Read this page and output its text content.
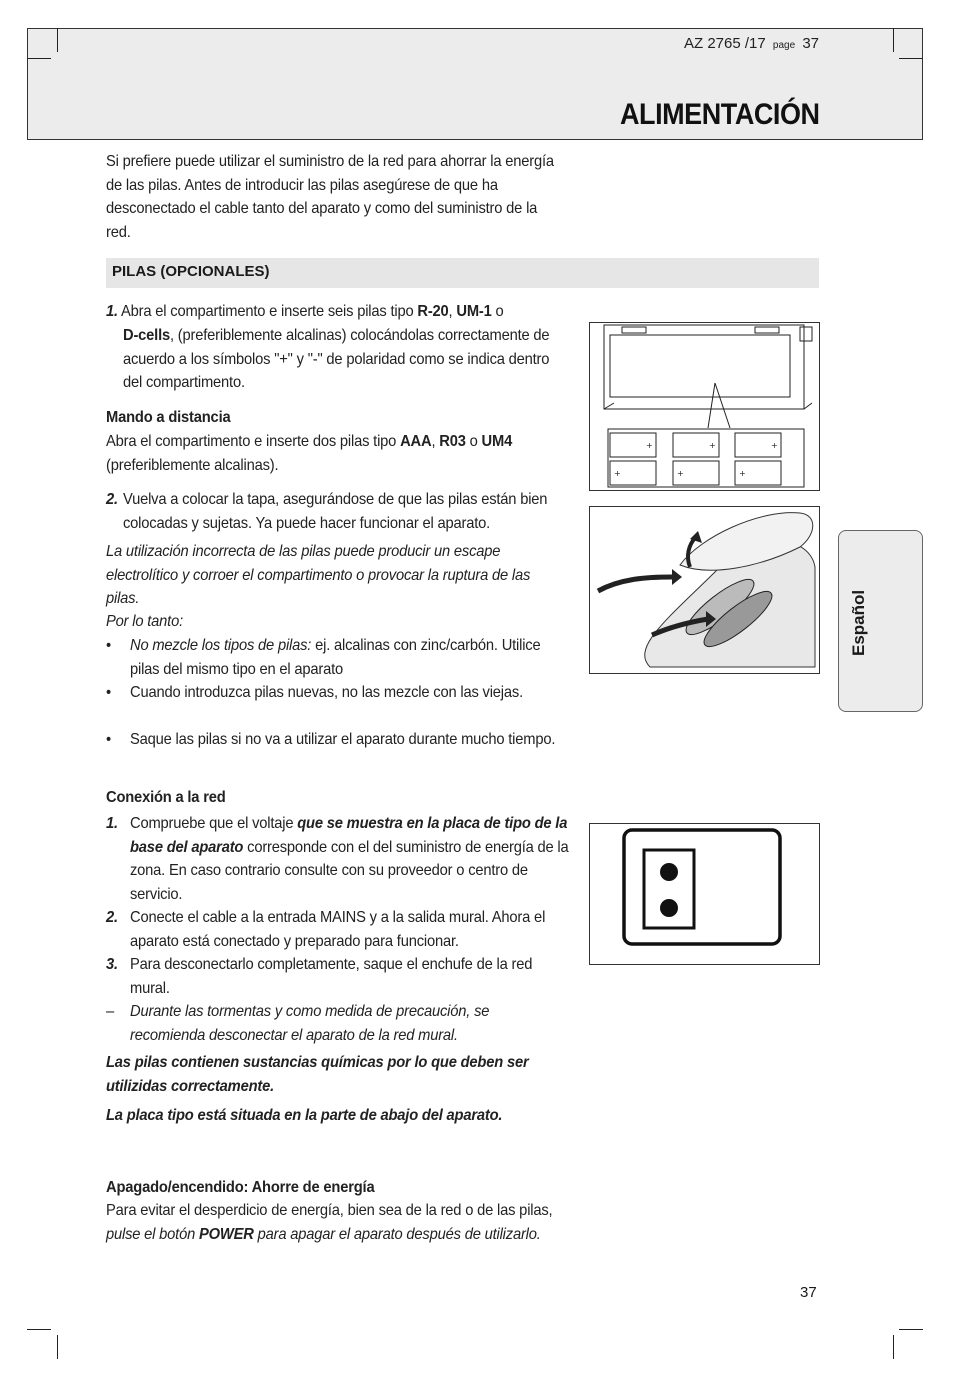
AZ 2765 /17 page 37
ALIMENTACIÓN
Si prefiere puede utilizar el suministro de la red para ahorrar la energía de las pilas. Antes de introducir las pilas asegúrese de que ha desconectado el cable tanto del aparato y como del suministro de la red.
PILAS (OPCIONALES)
1. Abra el compartimento e inserte seis pilas tipo R-20, UM-1 o
D-cells, (preferiblemente alcalinas) colocándolas correctamente de acuerdo a los símbolos "+" y "-" de polaridad como se indica dentro del compartimento.
Mando a distancia
Abra el compartimento e inserte dos pilas tipo AAA, R03 o UM4
(preferiblemente alcalinas).
2. Vuelva a colocar la tapa, asegurándose de que las pilas están bien colocadas y sujetas. Ya puede hacer funcionar el aparato.
La utilización incorrecta de las pilas puede producir un escape electrolítico y corroer el compartimento o provocar la ruptura de las pilas.
Por lo tanto:
•	No mezcle los tipos de pilas: ej. alcalinas con zinc/carbón. Utilice pilas del mismo tipo en el aparato
•	Cuando introduzca pilas nuevas, no las mezcle con las viejas.
•	Saque las pilas si no va a utilizar el aparato durante mucho tiempo.
Conexión a la red
1. Compruebe que el voltaje que se muestra en la placa de tipo de la base del aparato corresponde con el del suministro de energía de la zona. En caso contrario consulte con su proveedor o centro de servicio.
2. Conecte el cable a la entrada MAINS y a la salida mural. Ahora el aparato está conectado y preparado para funcionar.
3. Para desconectarlo completamente, saque el enchufe de la red mural.
– Durante las tormentas y como medida de precaución, se recomienda desconectar el aparato de la red mural.
Las pilas contienen sustancias químicas por lo que deben ser utilizidas correctamente.
La placa tipo está situada en la parte de abajo del aparato.
Apagado/encendido: Ahorre de energía
Para evitar el desperdicio de energía, bien sea de la red o de las pilas, pulse el botón POWER para apagar el aparato después de utilizarlo.
Español
+	+	+
+	+	+
37
